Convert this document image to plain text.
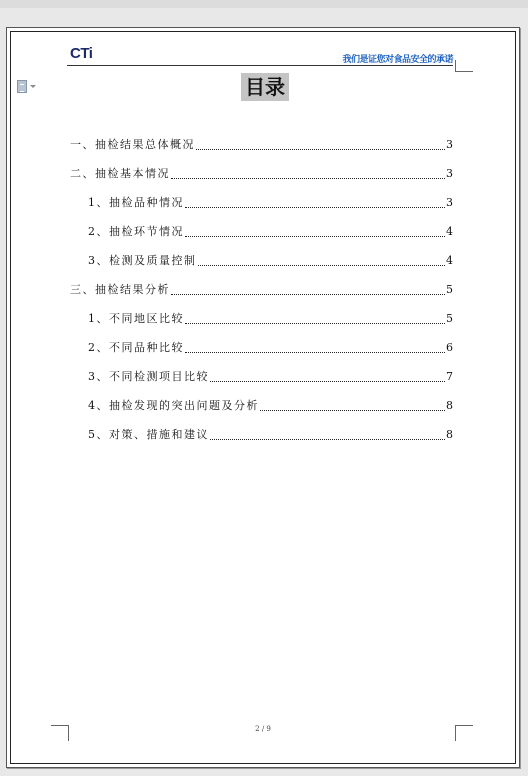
CTi	我们是证您对食品安全的承诺
目录
一、抽检结果总体概况	3
二、抽检基本情况	3
1、抽检品种情况	3
2、抽检环节情况	4
3、检测及质量控制	4
三、抽检结果分析	5
1、不同地区比较	5
2、不同品种比较	6
3、不同检测项目比较	7
4、抽检发现的突出问题及分析	8
5、对策、措施和建议	8
2 / 9
